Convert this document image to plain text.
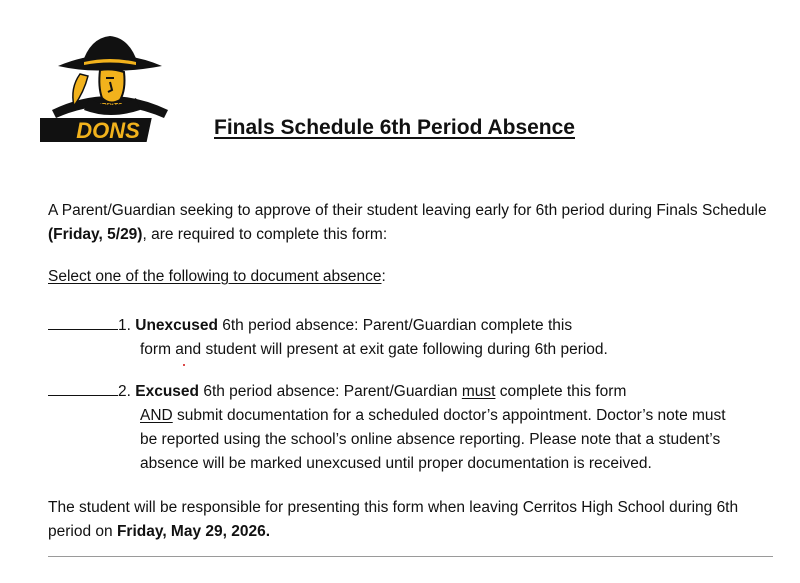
DONS	Finals Schedule 6th Period Absence
A Parent/Guardian seeking to approve of their student leaving early for 6th period during Finals Schedule (Friday, 5/29), are required to complete this form:
Select one of the following to document absence:
1. Unexcused 6th period absence: Parent/Guardian complete this
form and student will present at exit gate following during 6th period.
2. Excused 6th period absence: Parent/Guardian must complete this form
AND submit documentation for a scheduled doctor’s appointment. Doctor’s note must
be reported using the school’s online absence reporting. Please note that a student’s
absence will be marked unexcused until proper documentation is received.
The student will be responsible for presenting this form when leaving Cerritos High School during 6th period on Friday, May 29, 2026.
